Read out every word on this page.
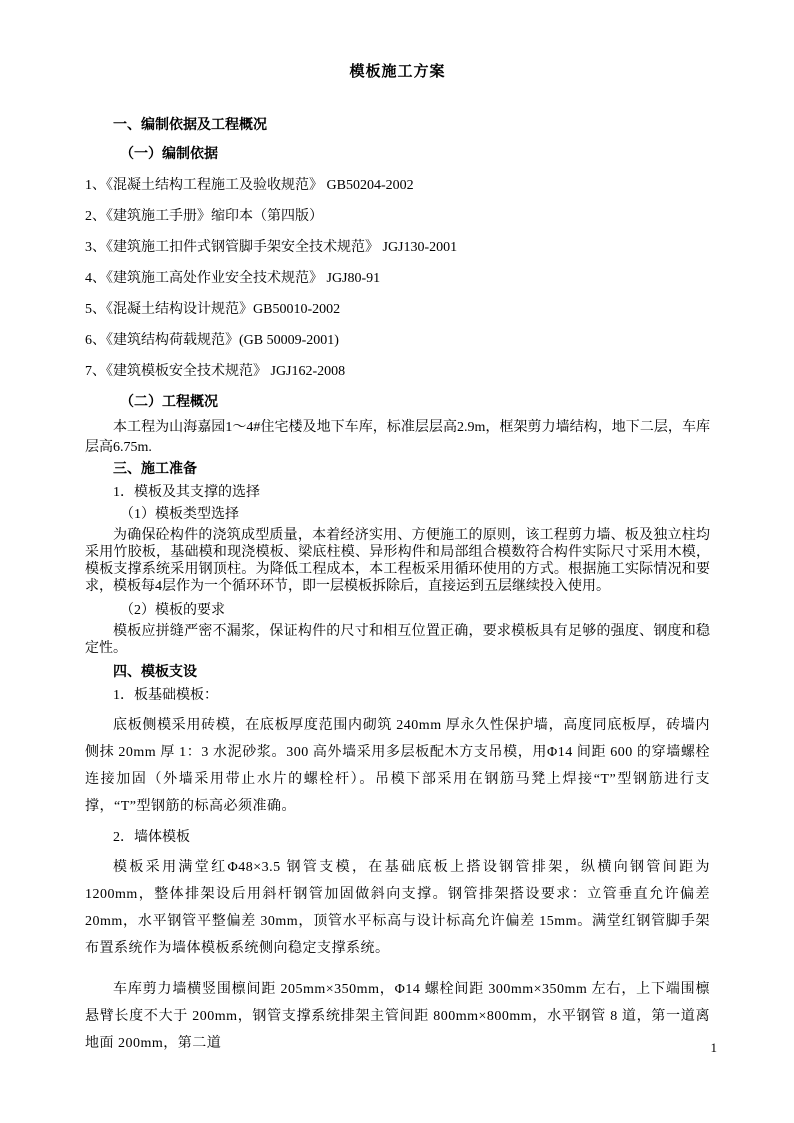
模板施工方案
一、编制依据及工程概况
（一）编制依据
1、《混凝土结构工程施工及验收规范》 GB50204-2002
2、《建筑施工手册》缩印本（第四版）
3、《建筑施工扣件式钢管脚手架安全技术规范》 JGJ130-2001
4、《建筑施工高处作业安全技术规范》 JGJ80-91
5、《混凝土结构设计规范》GB50010-2002
6、《建筑结构荷载规范》(GB 50009-2001)
7、《建筑模板安全技术规范》 JGJ162-2008
（二）工程概况
本工程为山海嘉园1～4#住宅楼及地下车库，标准层层高2.9m，框架剪力墙结构，地下二层，车库层高6.75m.
三、施工准备
1．模板及其支撑的选择
（1）模板类型选择
为确保砼构件的浇筑成型质量，本着经济实用、方便施工的原则，该工程剪力墙、板及独立柱均采用竹胶板，基础模和现浇模板、梁底柱模、异形构件和局部组合模数符合构件实际尺寸采用木模，模板支撑系统采用钢顶柱。为降低工程成本，本工程板采用循环使用的方式。根据施工实际情况和要求，模板每4层作为一个循环环节，即一层模板拆除后，直接运到五层继续投入使用。
（2）模板的要求
模板应拼缝严密不漏浆，保证构件的尺寸和相互位置正确，要求模板具有足够的强度、钢度和稳定性。
四、模板支设
1．板基础模板：
底板侧模采用砖模，在底板厚度范围内砌筑 240mm 厚永久性保护墙，高度同底板厚，砖墙内侧抹 20mm 厚 1：3 水泥砂浆。300 高外墙采用多层板配木方支吊模，用Φ14 间距 600 的穿墙螺栓连接加固（外墙采用带止水片的螺栓杆）。吊模下部采用在钢筋马凳上焊接“T”型钢筋进行支撑，“T”型钢筋的标高必须准确。
2．墙体模板
模板采用满堂红Φ48×3.5 钢管支模，在基础底板上搭设钢管排架，纵横向钢管间距为 1200mm，整体排架设后用斜杆钢管加固做斜向支撑。钢管排架搭设要求：立管垂直允许偏差 20mm，水平钢管平整偏差 30mm，顶管水平标高与设计标高允许偏差 15mm。满堂红钢管脚手架布置系统作为墙体模板系统侧向稳定支撑系统。
车库剪力墙横竖围檩间距 205mm×350mm，Φ14 螺栓间距 300mm×350mm 左右，上下端围檩悬臂长度不大于 200mm，钢管支撑系统排架主管间距 800mm×800mm，水平钢管 8 道，第一道离地面 200mm，第二道	1
